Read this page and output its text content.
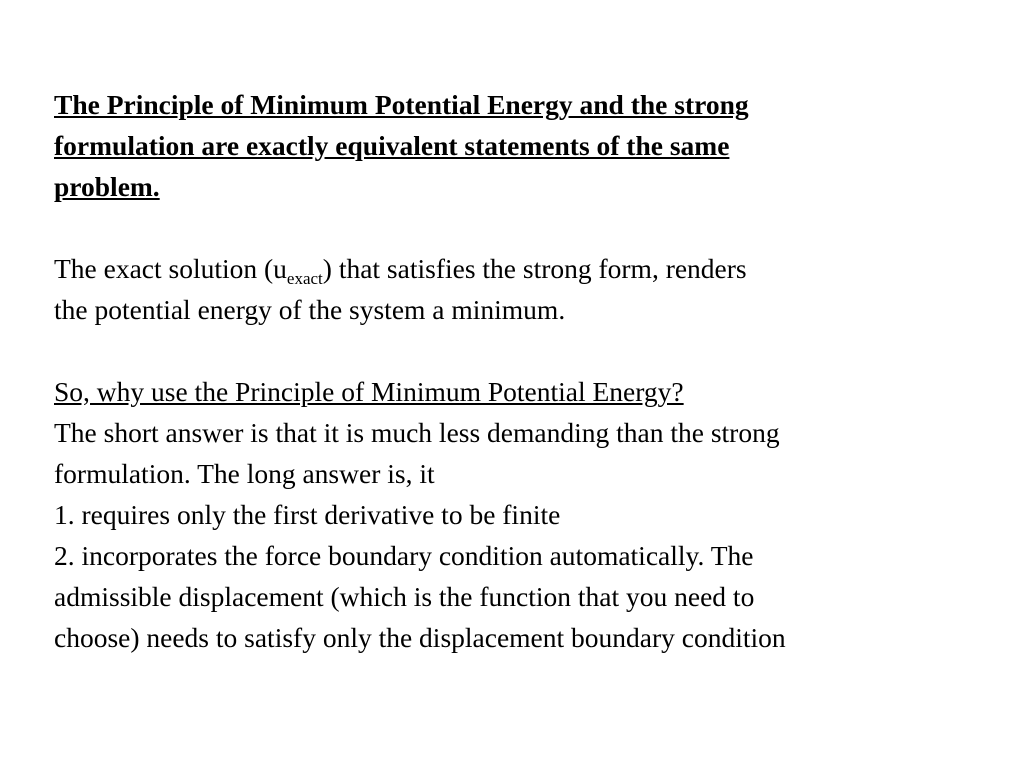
The Principle of Minimum Potential Energy and the strong
formulation are exactly equivalent statements of the same
problem.
The exact solution $(u_{exact})$ that satisfies the strong form, renders
the potential energy of the system a minimum.
So, why use the Principle of Minimum Potential Energy?
The short answer is that it is much less demanding than the strong
formulation. The long answer is, it
1. requires only the first derivative to be finite
2. incorporates the force boundary condition automatically. The
admissible displacement (which is the function that you need to
choose) needs to satisfy only the displacement boundary condition
